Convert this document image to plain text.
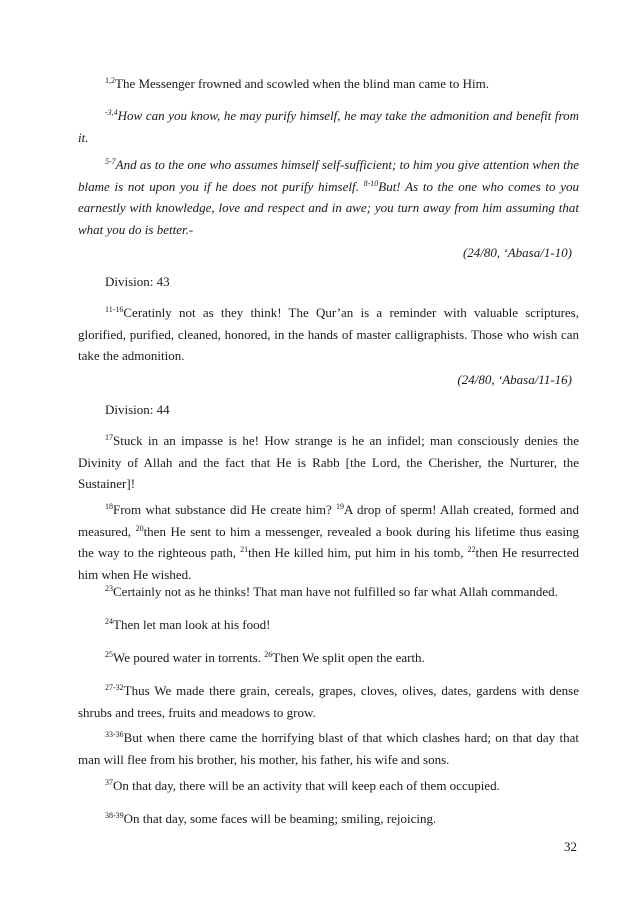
$^{1,2}$The Messenger frowned and scowled when the blind man came to Him.

$^{-3,4}$How can you know, he may purify himself, he may take the admonition and benefit from it.

$^{5-7}$And as to the one who assumes himself self-sufficient; to him you give attention when the blame is not upon you if he does not purify himself. $^{8-10}$But! As to the one who comes to you earnestly with knowledge, love and respect and in awe; you turn away from him assuming that what you do is better.-

(24/80, ‘Abasa/1-10)
Division: 43

$^{11-16}$Ceratinly not as they think! The Qur’an is a reminder with valuable scriptures, glorified, purified, cleaned, honored, in the hands of master calligraphists. Those who wish can take the admonition.

(24/80, ‘Abasa/11-16)
Division: 44

$^{17}$Stuck in an impasse is he! How strange is he an infidel; man consciously denies the Divinity of Allah and the fact that He is Rabb [the Lord, the Cherisher, the Nurturer, the Sustainer]!

$^{18}$From what substance did He create him? $^{19}$A drop of sperm! Allah created, formed and measured, $^{20}$then He sent to him a messenger, revealed a book during his lifetime thus easing the way to the righteous path, $^{21}$then He killed him, put him in his tomb, $^{22}$then He resurrected him when He wished.

$^{23}$Certainly not as he thinks! That man have not fulfilled so far what Allah commanded.

$^{24}$Then let man look at his food!

$^{25}$We poured water in torrents. $^{26}$Then We split open the earth.

$^{27-32}$Thus We made there grain, cereals, grapes, cloves, olives, dates, gardens with dense shrubs and trees, fruits and meadows to grow.

$^{33-36}$But when there came the horrifying blast of that which clashes hard; on that day that man will flee from his brother, his mother, his father, his wife and sons.

$^{37}$On that day, there will be an activity that will keep each of them occupied.

$^{38-39}$On that day, some faces will be beaming; smiling, rejoicing.

32
